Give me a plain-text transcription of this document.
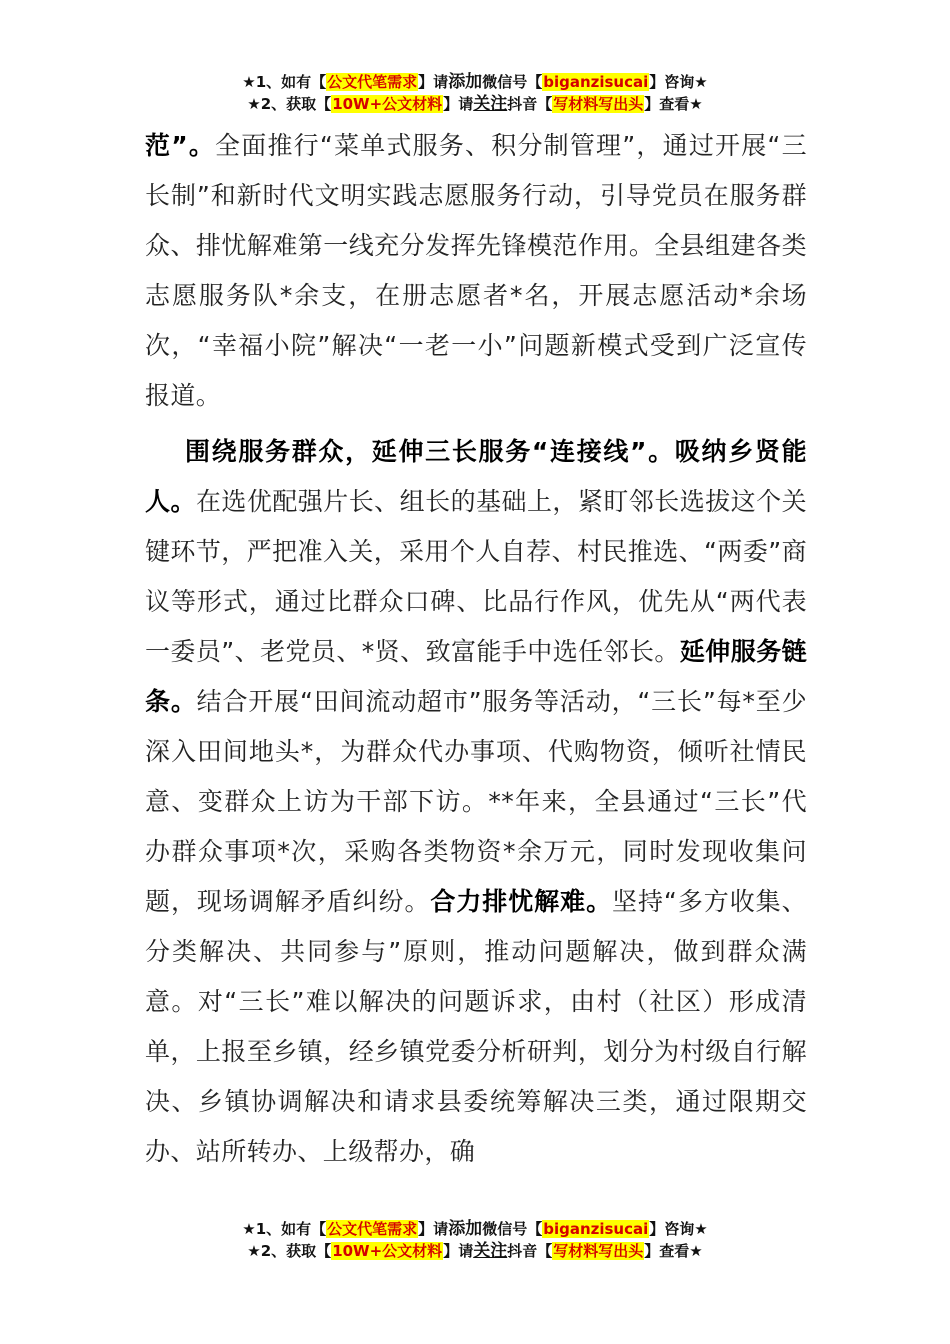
★1、如有【公文代笔需求】请添加微信号【biganzisucai】咨询★
★2、获取【10W+公文材料】请关注抖音【写材料写出头】查看★

范”。全面推行“菜单式服务、积分制管理”，通过开展“三长制”和新时代文明实践志愿服务行动，引导党员在服务群众、排忧解难第一线充分发挥先锋模范作用。全县组建各类志愿服务队*余支，在册志愿者*名，开展志愿活动*余场次，“幸福小院”解决“一老一小”问题新模式受到广泛宣传报道。

围绕服务群众，延伸三长服务“连接线”。吸纳乡贤能人。在选优配强片长、组长的基础上，紧盯邻长选拔这个关键环节，严把准入关，采用个人自荐、村民推选、“两委”商议等形式，通过比群众口碑、比品行作风，优先从“两代表一委员”、老党员、*贤、致富能手中选任邻长。延伸服务链条。结合开展“田间流动超市”服务等活动，“三长”每*至少深入田间地头*，为群众代办事项、代购物资，倾听社情民意、变群众上访为干部下访。**年来，全县通过“三长”代办群众事项*次，采购各类物资*余万元，同时发现收集问题，现场调解矛盾纠纷。合力排忧解难。坚持“多方收集、分类解决、共同参与”原则，推动问题解决，做到群众满意。对“三长”难以解决的问题诉求，由村（社区）形成清单，上报至乡镇，经乡镇党委分析研判，划分为村级自行解决、乡镇协调解决和请求县委统筹解决三类，通过限期交办、站所转办、上级帮办，确

★1、如有【公文代笔需求】请添加微信号【biganzisucai】咨询★
★2、获取【10W+公文材料】请关注抖音【写材料写出头】查看★
